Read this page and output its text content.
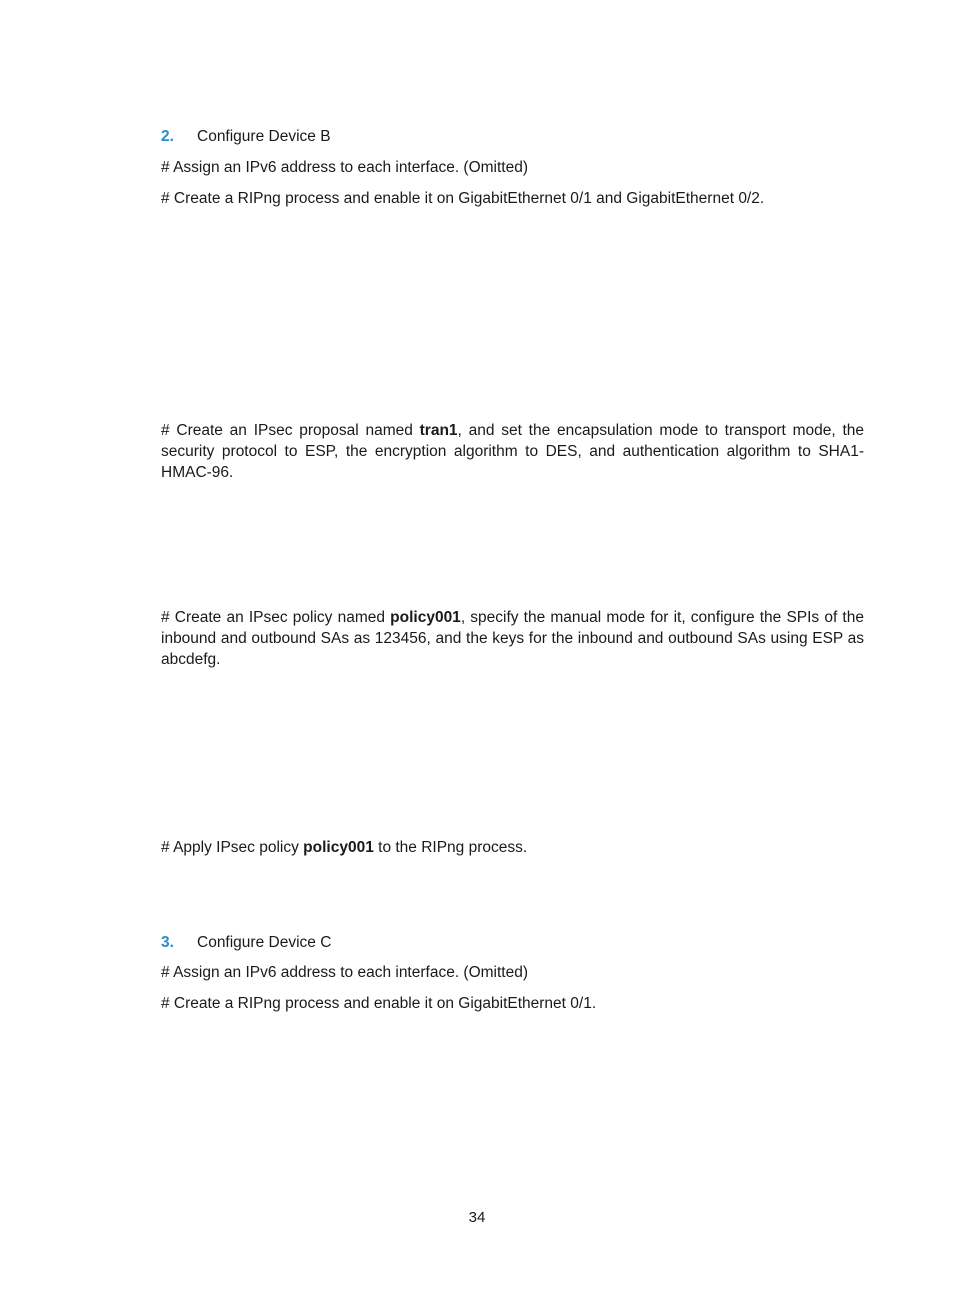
2. Configure Device B
# Assign an IPv6 address to each interface. (Omitted)
# Create a RIPng process and enable it on GigabitEthernet 0/1 and GigabitEthernet 0/2.
# Create an IPsec proposal named tran1, and set the encapsulation mode to transport mode, the security protocol to ESP, the encryption algorithm to DES, and authentication algorithm to SHA1-HMAC-96.
# Create an IPsec policy named policy001, specify the manual mode for it, configure the SPIs of the inbound and outbound SAs as 123456, and the keys for the inbound and outbound SAs using ESP as abcdefg.
# Apply IPsec policy policy001 to the RIPng process.
3. Configure Device C
# Assign an IPv6 address to each interface. (Omitted)
# Create a RIPng process and enable it on GigabitEthernet 0/1.
34
